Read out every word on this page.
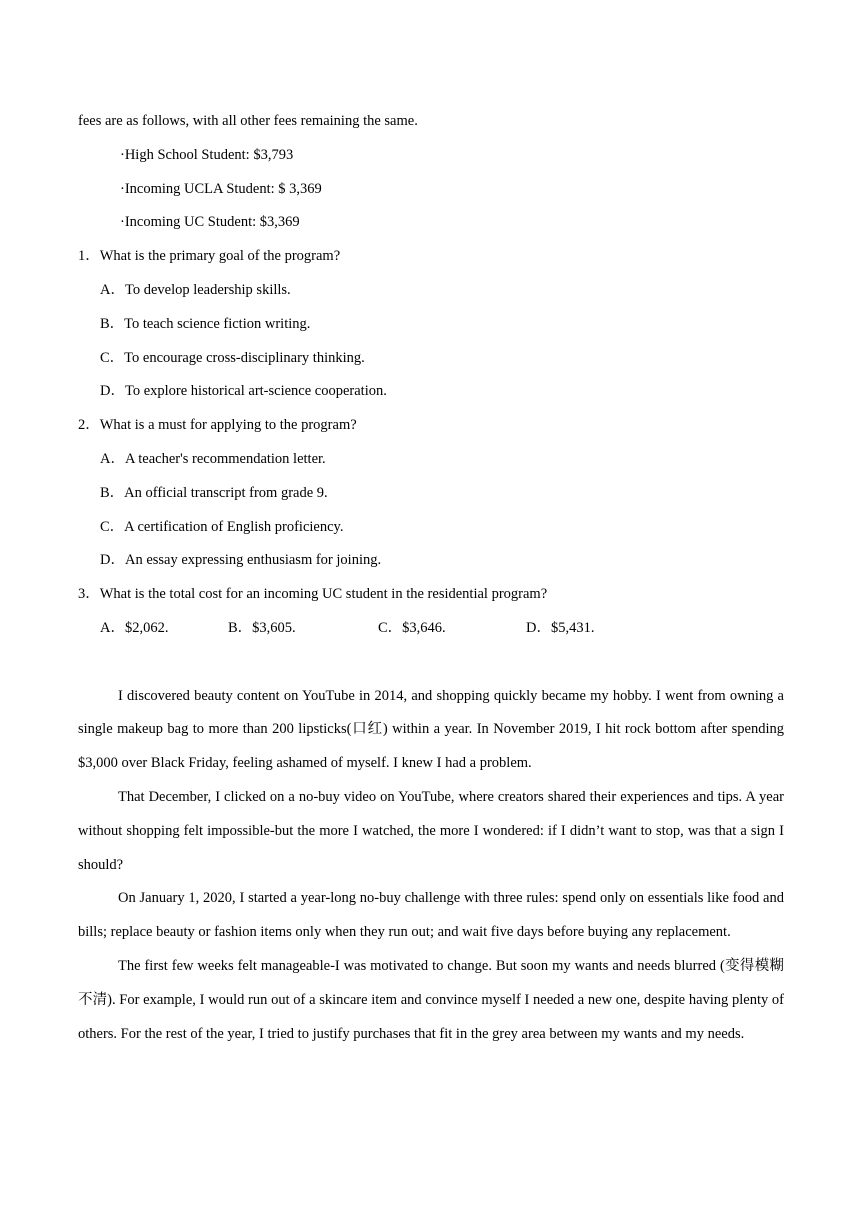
fees are as follows, with all other fees remaining the same.
·High School Student: $3,793
·Incoming UCLA Student: $ 3,369
·Incoming UC Student: $3,369
1．What is the primary goal of the program?
A．To develop leadership skills.
B．To teach science fiction writing.
C．To encourage cross-disciplinary thinking.
D．To explore historical art-science cooperation.
2．What is a must for applying to the program?
A．A teacher's recommendation letter.
B．An official transcript from grade 9.
C．A certification of English proficiency.
D．An essay expressing enthusiasm for joining.
3．What is the total cost for an incoming UC student in the residential program?
A．$2,062.	B．$3,605.	C．$3,646.	D．$5,431.

I discovered beauty content on YouTube in 2014, and shopping quickly became my hobby. I went from owning a single makeup bag to more than 200 lipsticks(口红) within a year. In November 2019, I hit rock bottom after spending $3,000 over Black Friday, feeling ashamed of myself. I knew I had a problem.

That December, I clicked on a no-buy video on YouTube, where creators shared their experiences and tips. A year without shopping felt impossible-but the more I watched, the more I wondered: if I didn’t want to stop, was that a sign I should?

On January 1, 2020, I started a year-long no-buy challenge with three rules: spend only on essentials like food and bills; replace beauty or fashion items only when they run out; and wait five days before buying any replacement.

The first few weeks felt manageable-I was motivated to change. But soon my wants and needs blurred (变得模糊不清). For example, I would run out of a skincare item and convince myself I needed a new one, despite having plenty of others. For the rest of the year, I tried to justify purchases that fit in the grey area between my wants and my needs.
